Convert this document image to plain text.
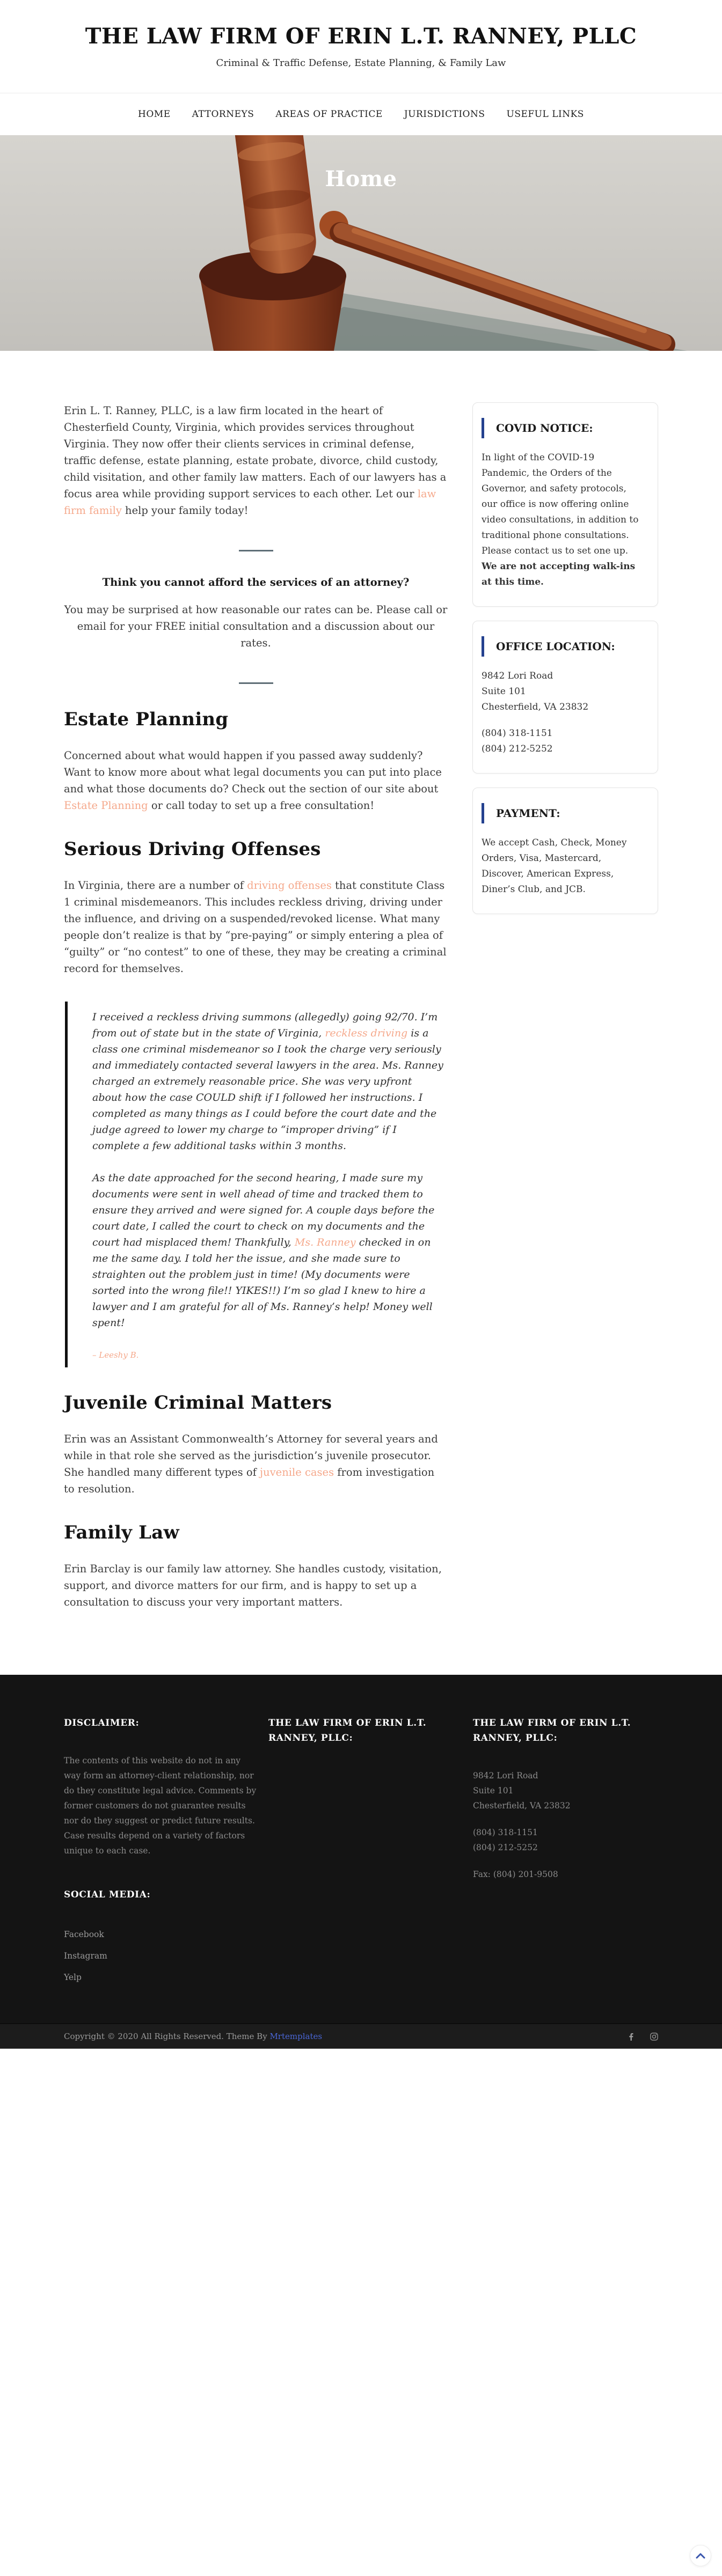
THE LAW FIRM OF ERIN L.T. RANNEY, PLLC

Criminal & Traffic Defense, Estate Planning, & Family Law

HOME ATTORNEYS AREAS OF PRACTICE JURISDICTIONS USEFUL LINKS
Home

Erin L. T. Ranney, PLLC, is a law firm located in the heart of Chesterfield County, Virginia, which provides services throughout Virginia. They now offer their clients services in criminal defense, traffic defense, estate planning, estate probate, divorce, child custody, child visitation, and other family law matters. Each of our lawyers has a focus area while providing support services to each other. Let our law firm family help your family today!

Think you cannot afford the services of an attorney?

You may be surprised at how reasonable our rates can be. Please call or email for your FREE initial consultation and a discussion about our rates.

Estate Planning

Concerned about what would happen if you passed away suddenly? Want to know more about what legal documents you can put into place and what those documents do? Check out the section of our site about Estate Planning or call today to set up a free consultation!

Serious Driving Offenses

In Virginia, there are a number of driving offenses that constitute Class 1 criminal misdemeanors. This includes reckless driving, driving under the influence, and driving on a suspended/revoked license. What many people don’t realize is that by “pre-paying” or simply entering a plea of “guilty” or “no contest” to one of these, they may be creating a criminal record for themselves.

I received a reckless driving summons (allegedly) going 92/70. I’m from out of state but in the state of Virginia, reckless driving is a class one criminal misdemeanor so I took the charge very seriously and immediately contacted several lawyers in the area. Ms. Ranney charged an extremely reasonable price. She was very upfront about how the case COULD shift if I followed her instructions. I completed as many things as I could before the court date and the judge agreed to lower my charge to “improper driving” if I complete a few additional tasks within 3 months.

As the date approached for the second hearing, I made sure my documents were sent in well ahead of time and tracked them to ensure they arrived and were signed for. A couple days before the court date, I called the court to check on my documents and the court had misplaced them! Thankfully, Ms. Ranney checked in on me the same day. I told her the issue, and she made sure to straighten out the problem just in time! (My documents were sorted into the wrong file!! YIKES!!) I’m so glad I knew to hire a lawyer and I am grateful for all of Ms. Ranney’s help! Money well spent!

– Leeshy B.
Juvenile Criminal Matters

Erin was an Assistant Commonwealth’s Attorney for several years and while in that role she served as the jurisdiction’s juvenile prosecutor. She handled many different types of juvenile cases from investigation to resolution.

Family Law

Erin Barclay is our family law attorney. She handles custody, visitation, support, and divorce matters for our firm, and is happy to set up a consultation to discuss your very important matters.

COVID NOTICE:

In light of the COVID-19 Pandemic, the Orders of the Governor, and safety protocols, our office is now offering online video consultations, in addition to traditional phone consultations. Please contact us to set one up. We are not accepting walk-ins at this time.

OFFICE LOCATION:
9842 Lori Road
Suite 101
Chesterfield, VA 23832
(804) 318-1151
(804) 212-5252
PAYMENT:

We accept Cash, Check, Money Orders, Visa, Mastercard, Discover, American Express, Diner’s Club, and JCB.

DISCLAIMER:

The contents of this website do not in any way form an attorney-client relationship, nor do they constitute legal advice. Comments by former customers do not guarantee results nor do they suggest or predict future results. Case results depend on a variety of factors unique to each case.

SOCIAL MEDIA:
Facebook
Instagram
Yelp
THE LAW FIRM OF ERIN L.T. RANNEY, PLLC:
THE LAW FIRM OF ERIN L.T. RANNEY, PLLC:
9842 Lori Road
Suite 101
Chesterfield, VA 23832
(804) 318-1151
(804) 212-5252
Fax: (804) 201-9508
Copyright © 2020 All Rights Reserved. Theme By Mrtemplates
